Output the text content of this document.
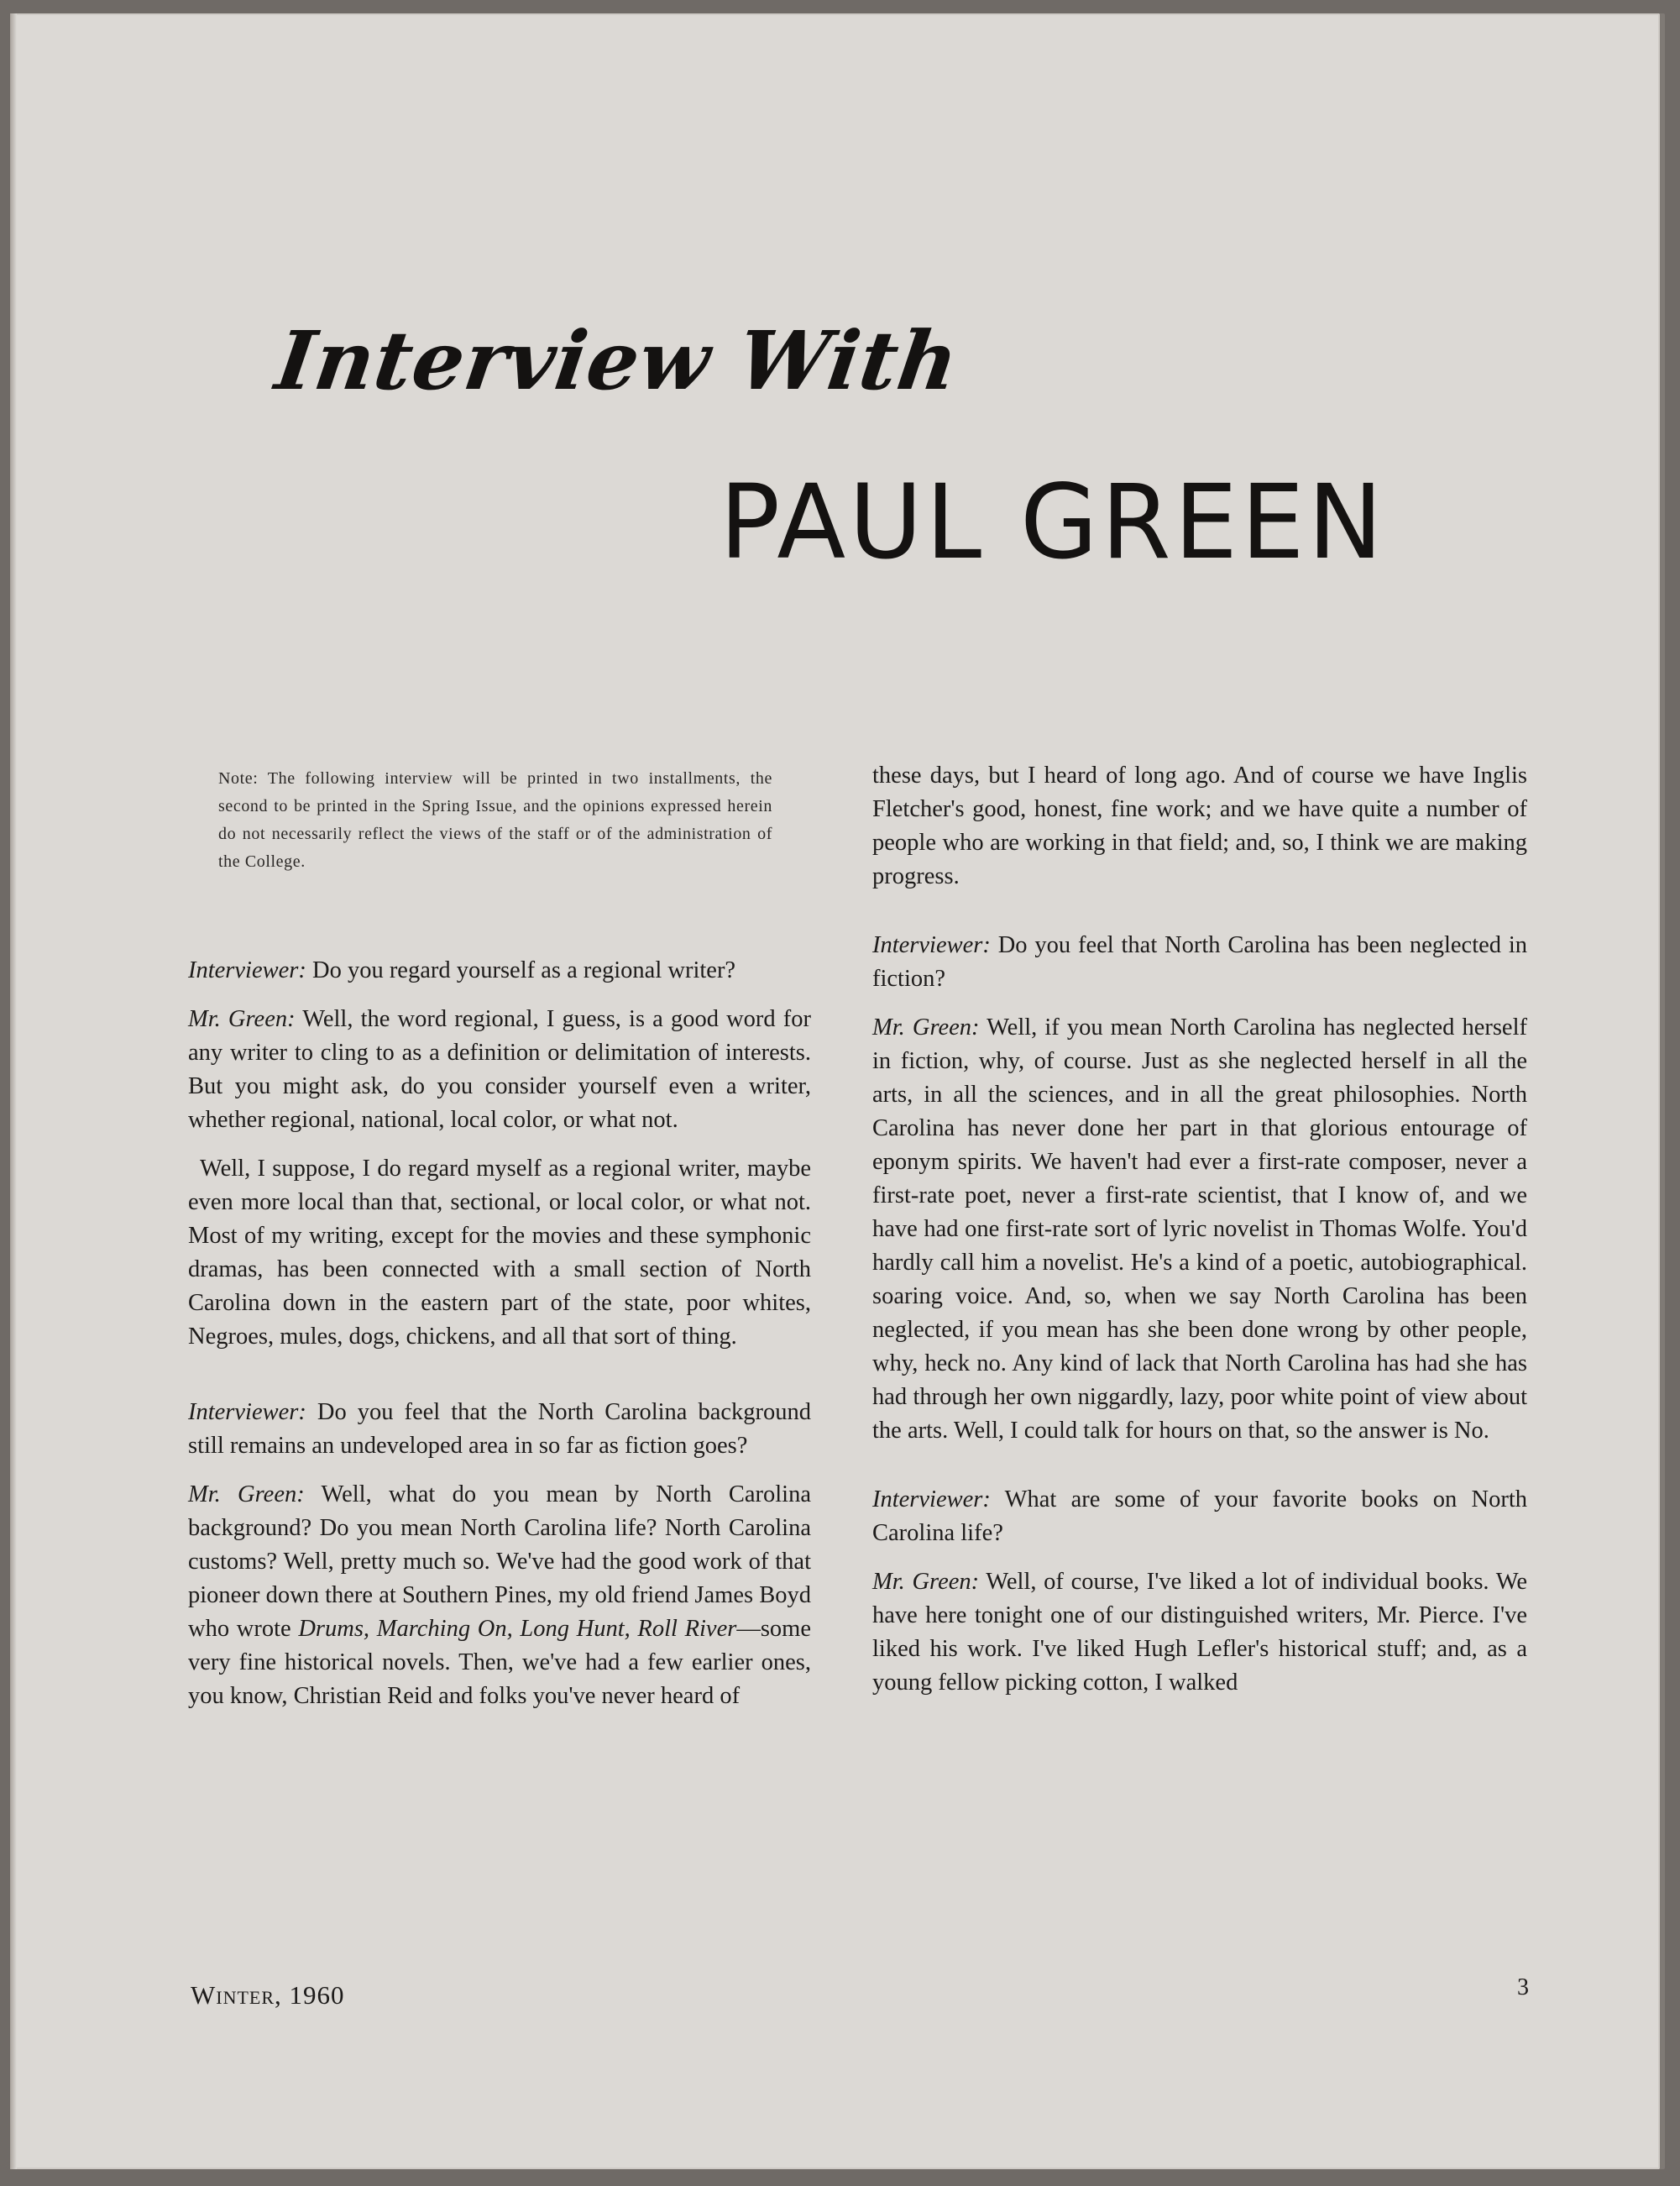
Interview With
PAUL GREEN
Note: The following interview will be printed in two installments, the second to be printed in the Spring Issue, and the opinions expressed herein do not necessarily reflect the views of the staff or of the administration of the College.

Interviewer: Do you regard yourself as a regional writer?

Mr. Green: Well, the word regional, I guess, is a good word for any writer to cling to as a definition or delimitation of interests. But you might ask, do you consider yourself even a writer, whether regional, national, local color, or what not.

Well, I suppose, I do regard myself as a regional writer, maybe even more local than that, sectional, or local color, or what not. Most of my writing, except for the movies and these symphonic dramas, has been connected with a small section of North Carolina down in the eastern part of the state, poor whites, Negroes, mules, dogs, chickens, and all that sort of thing.

Interviewer: Do you feel that the North Carolina background still remains an undeveloped area in so far as fiction goes?

Mr. Green: Well, what do you mean by North Carolina background? Do you mean North Carolina life? North Carolina customs? Well, pretty much so. We've had the good work of that pioneer down there at Southern Pines, my old friend James Boyd who wrote Drums, Marching On, Long Hunt, Roll River—some very fine historical novels. Then, we've had a few earlier ones, you know, Christian Reid and folks you've never heard of

these days, but I heard of long ago. And of course we have Inglis Fletcher's good, honest, fine work; and we have quite a number of people who are working in that field; and, so, I think we are making progress.

Interviewer: Do you feel that North Carolina has been neglected in fiction?

Mr. Green: Well, if you mean North Carolina has neglected herself in fiction, why, of course. Just as she neglected herself in all the arts, in all the sciences, and in all the great philosophies. North Carolina has never done her part in that glorious entourage of eponym spirits. We haven't had ever a first-rate composer, never a first-rate poet, never a first-rate scientist, that I know of, and we have had one first-rate sort of lyric novelist in Thomas Wolfe. You'd hardly call him a novelist. He's a kind of a poetic, autobiographical. soaring voice. And, so, when we say North Carolina has been neglected, if you mean has she been done wrong by other people, why, heck no. Any kind of lack that North Carolina has had she has had through her own niggardly, lazy, poor white point of view about the arts. Well, I could talk for hours on that, so the answer is No.

Interviewer: What are some of your favorite books on North Carolina life?

Mr. Green: Well, of course, I've liked a lot of individual books. We have here tonight one of our distinguished writers, Mr. Pierce. I've liked his work. I've liked Hugh Lefler's historical stuff; and, as a young fellow picking cotton, I walked

Winter, 1960	3
